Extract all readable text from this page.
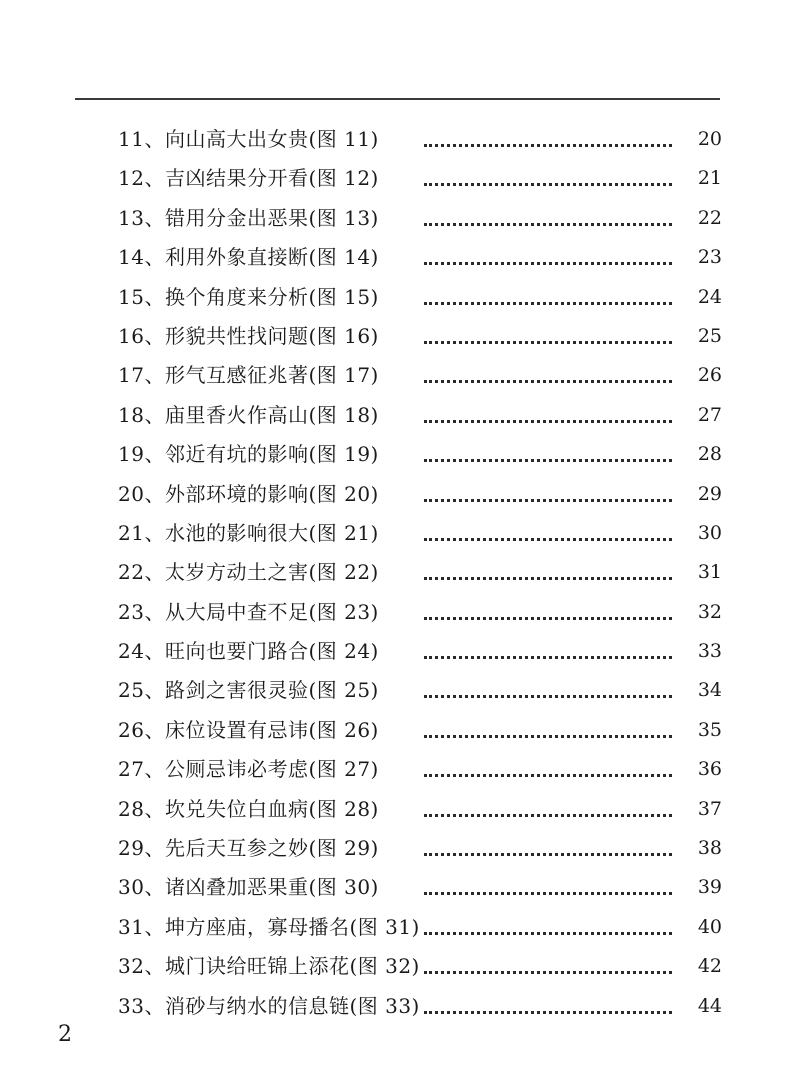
11、向山高大出女贵(图 11)	20
12、吉凶结果分开看(图 12)	21
13、错用分金出恶果(图 13)	22
14、利用外象直接断(图 14)	23
15、换个角度来分析(图 15)	24
16、形貌共性找问题(图 16)	25
17、形气互感征兆著(图 17)	26
18、庙里香火作高山(图 18)	27
19、邻近有坑的影响(图 19)	28
20、外部环境的影响(图 20)	29
21、水池的影响很大(图 21)	30
22、太岁方动土之害(图 22)	31
23、从大局中查不足(图 23)	32
24、旺向也要门路合(图 24)	33
25、路剑之害很灵验(图 25)	34
26、床位设置有忌讳(图 26)	35
27、公厕忌讳必考虑(图 27)	36
28、坎兑失位白血病(图 28)	37
29、先后天互参之妙(图 29)	38
30、诸凶叠加恶果重(图 30)	39
31、坤方座庙，寡母播名(图 31)	40
32、城门诀给旺锦上添花(图 32)	42
33、消砂与纳水的信息链(图 33)	44
2
